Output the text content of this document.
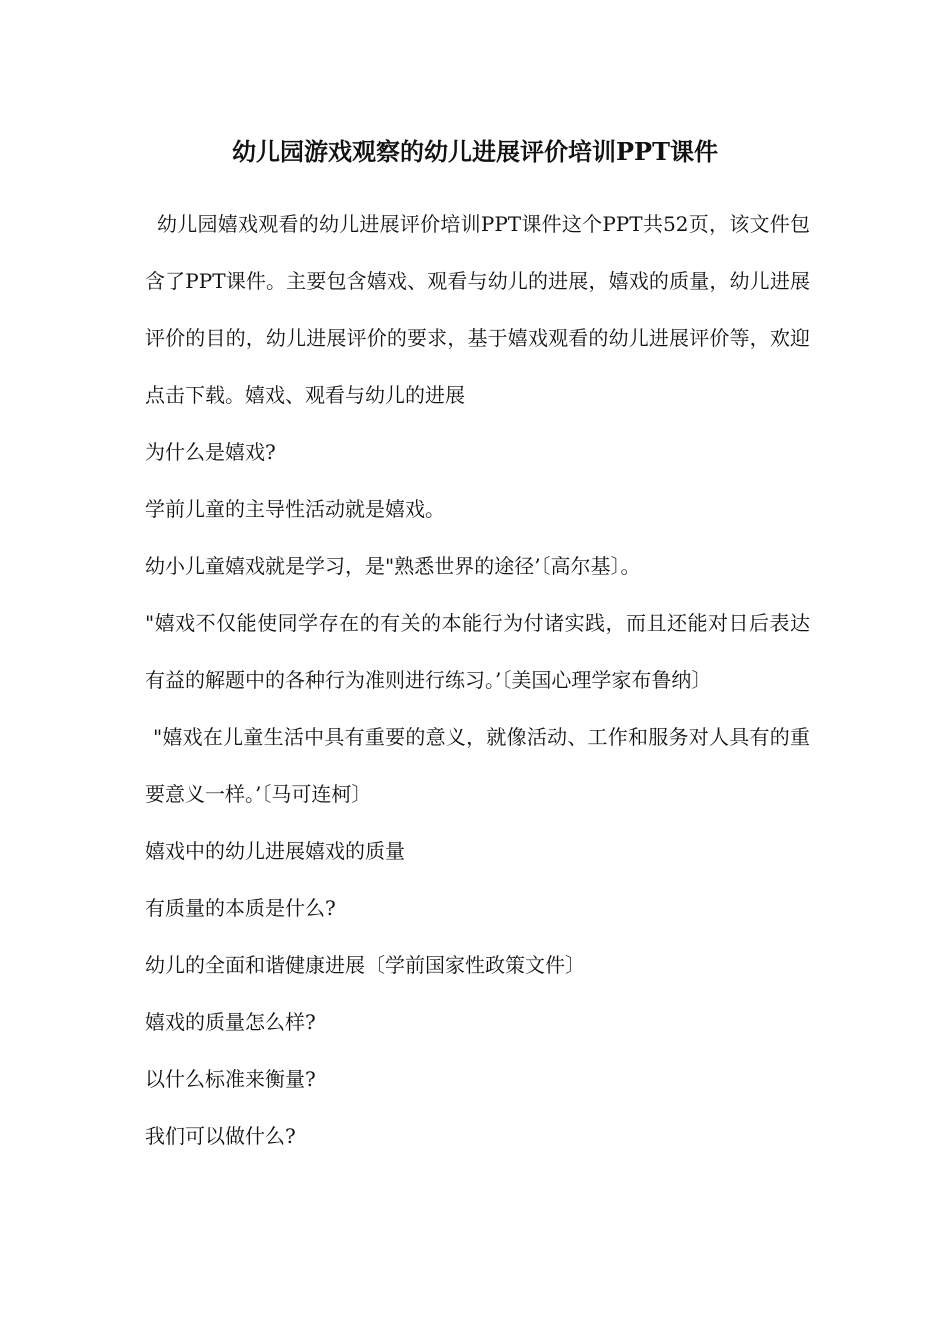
幼儿园游戏观察的幼儿进展评价培训PPT课件

幼儿园嬉戏观看的幼儿进展评价培训PPT课件这个PPT共52页，该文件包含了PPT课件。主要包含嬉戏、观看与幼儿的进展，嬉戏的质量，幼儿进展评价的目的，幼儿进展评价的要求，基于嬉戏观看的幼儿进展评价等，欢迎点击下载。嬉戏、观看与幼儿的进展

为什么是嬉戏?

学前儿童的主导性活动就是嬉戏。

幼小儿童嬉戏就是学习，是"熟悉世界的途径’〔高尔基〕。

"嬉戏不仅能使同学存在的有关的本能行为付诸实践，而且还能对日后表达有益的解题中的各种行为准则进行练习。’〔美国心理学家布鲁纳〕

"嬉戏在儿童生活中具有重要的意义，就像活动、工作和服务对人具有的重要意义一样。’〔马可连柯〕

嬉戏中的幼儿进展嬉戏的质量

有质量的本质是什么?

幼儿的全面和谐健康进展〔学前国家性政策文件〕

嬉戏的质量怎么样?

以什么标准来衡量?

我们可以做什么?
